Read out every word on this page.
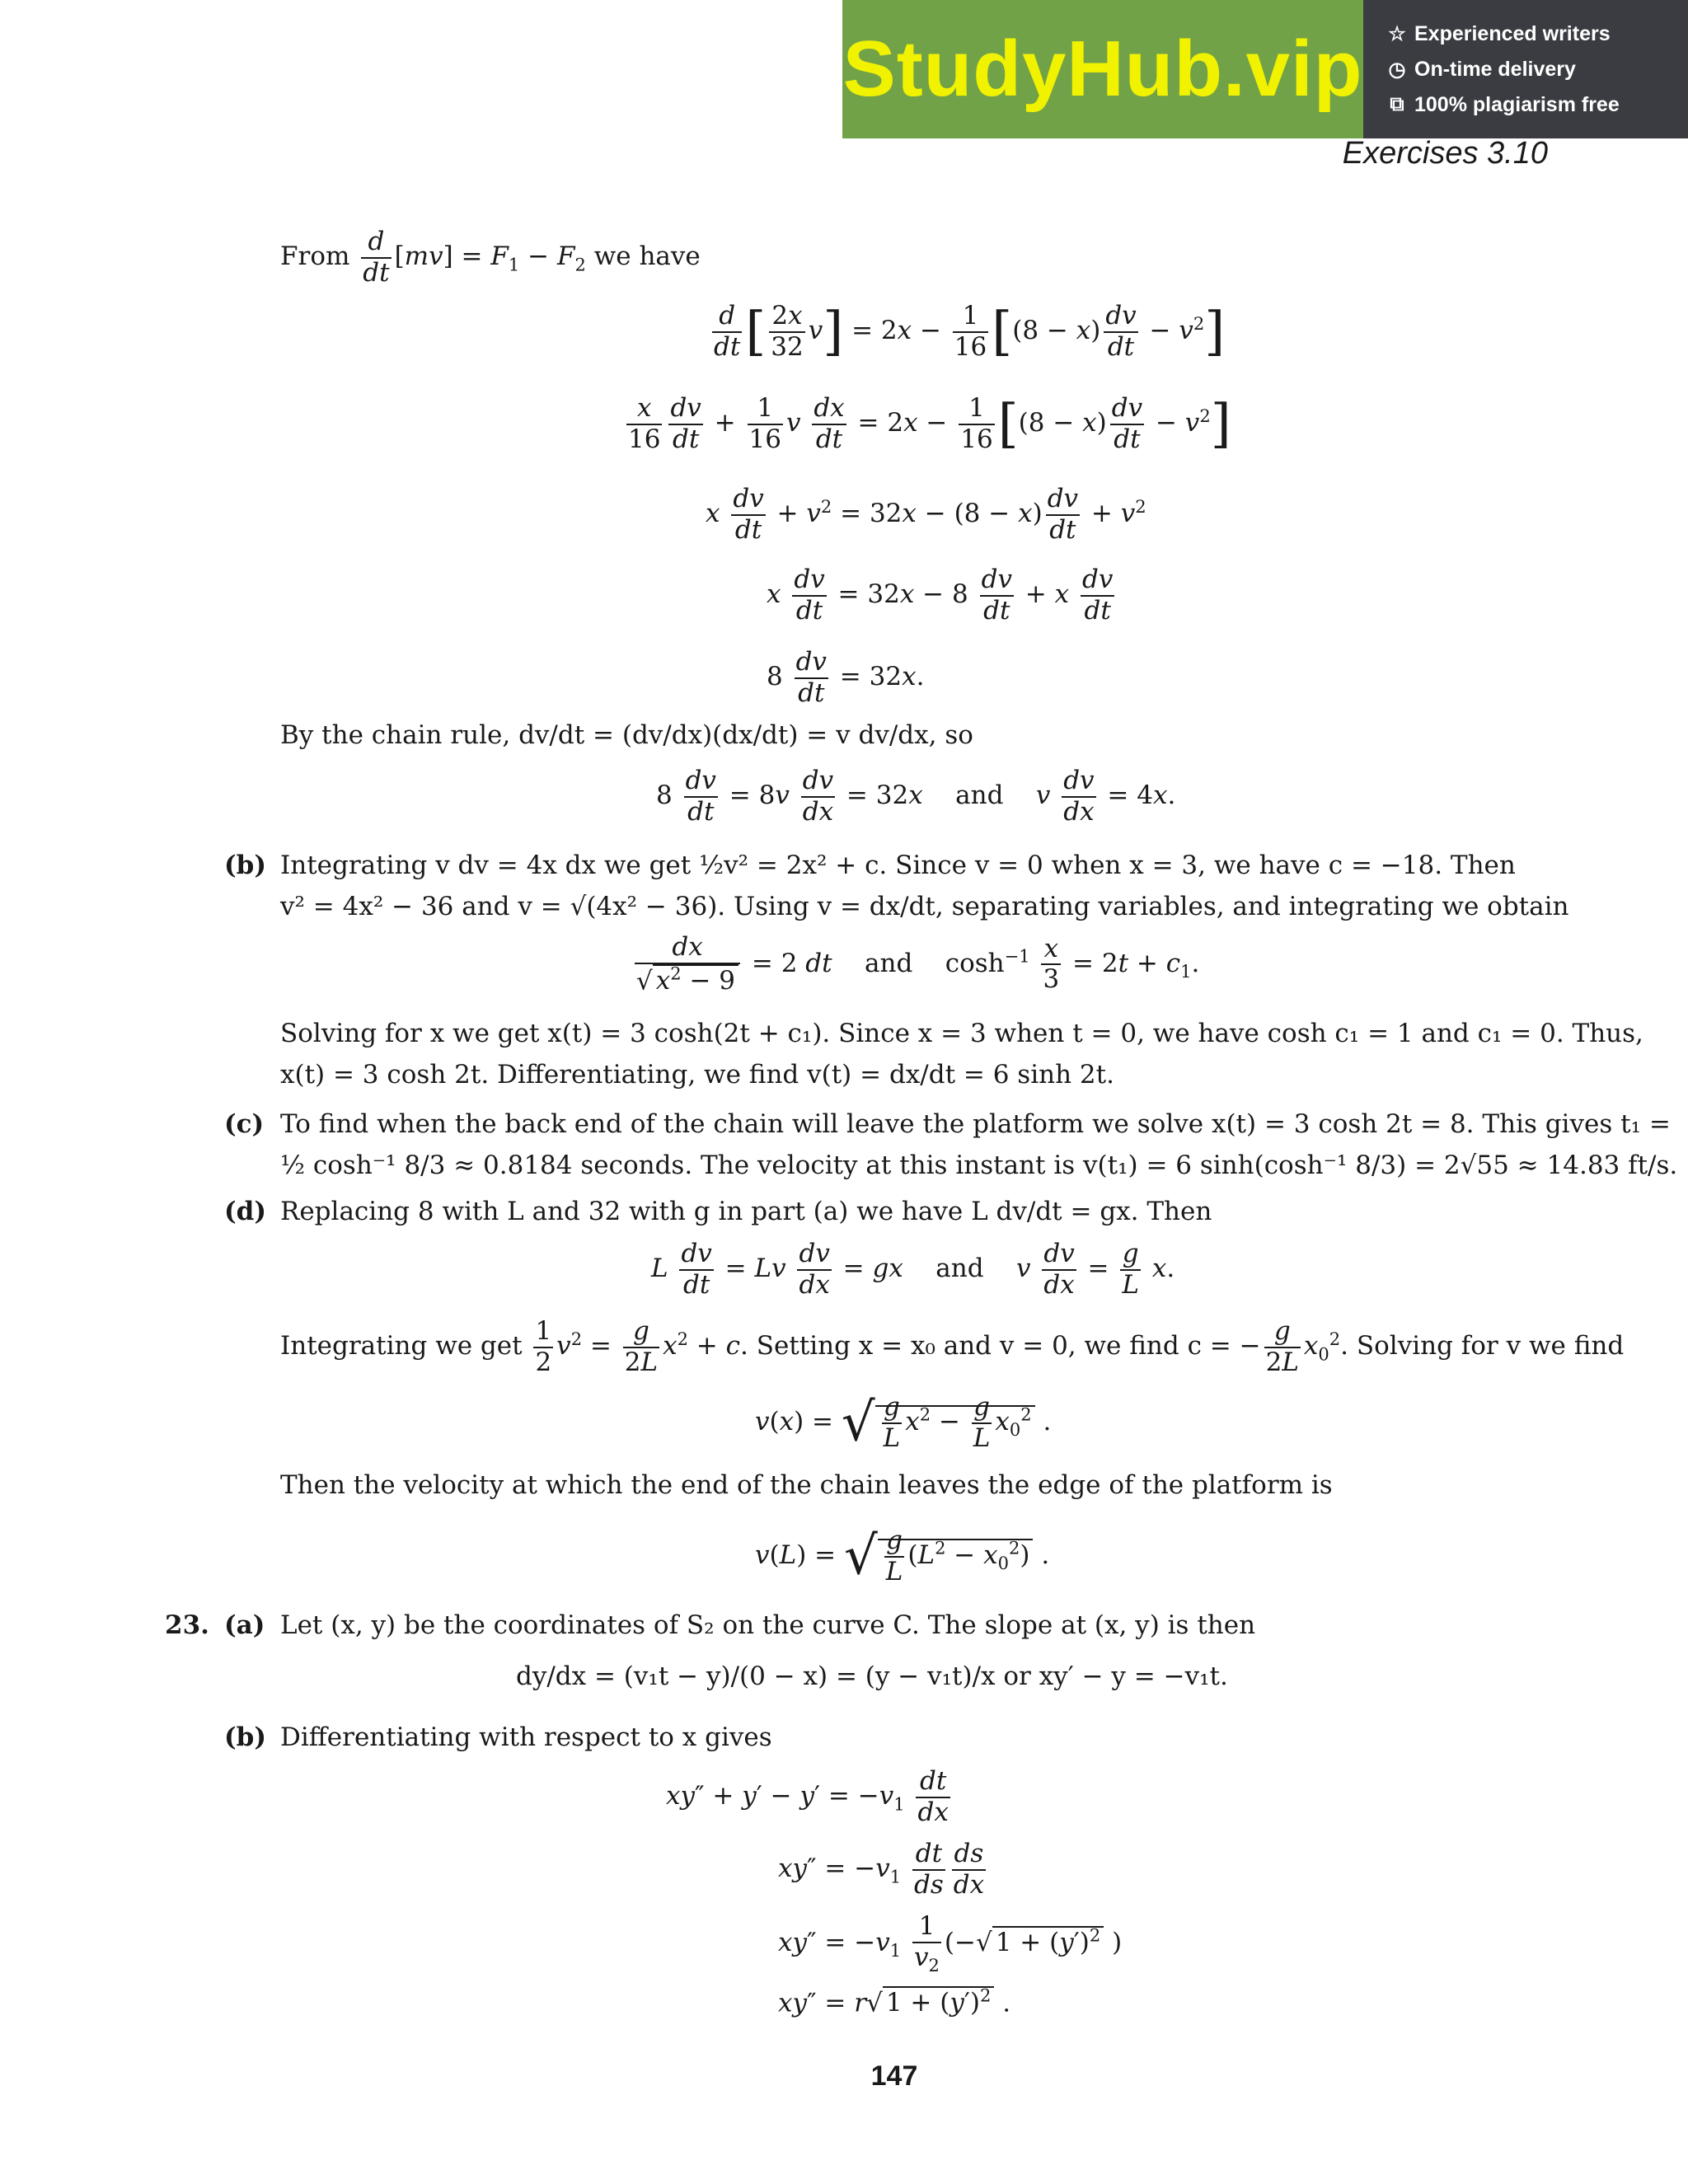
StudyHub.vip ☆ Experienced writers
◷ On-time delivery
⧉ 100% plagiarism free
Exercises 3.10
From $\frac{d}{dt} [mv] = F_1 - F_2$ we have
$\frac{d}{dt}$ [ $\frac{2x}{32} v] = 2x - \frac{1}{16} [(8 - x) \frac{dv}{dt} - v^2]$
$\frac{x}{16} \frac{dv}{dt} + \frac{1}{16}$ v $\frac{dx}{dt} = 2x - \frac{1}{16} [(8 - x) \frac{dv}{dt} - v^2]$
x $\frac{dv}{dt} + v^2 = 32x - (8 - x) \frac{dv}{dt} + v^2$
x $\frac{dv}{dt} = 32x - 8 \frac{dv}{dt} + x \frac{dv}{dt}$
$8 \frac{dv}{dt} = 32x$.
By the chain rule, dv/dt = (dv/dx)(dx/dt) = v dv/dx, so
$8 \frac{dv}{dt} = 8v \frac{dv}{dx} = 32x$    and    v $\frac{dv}{dx} = 4x$.
(b) Integrating v dv = 4x dx we get ½v² = 2x² + c. Since v = 0 when x = 3, we have c = −18. Then
v² = 4x² − 36 and v = √(4x² − 36). Using v = dx/dt, separating variables, and integrating we obtain
$\frac{dx}{√ x^2 - 9} = 2$ dt    and    $\cosh^{-1} \frac{x}{3} = 2t + c_1$.
Solving for x we get x(t) = 3 cosh(2t + c₁). Since x = 3 when t = 0, we have cosh c₁ = 1 and c₁ = 0. Thus,
x(t) = 3 cosh 2t. Differentiating, we find v(t) = dx/dt = 6 sinh 2t.
(c) To find when the back end of the chain will leave the platform we solve x(t) = 3 cosh 2t = 8. This gives t₁ =
½ cosh⁻¹ 8/3 ≈ 0.8184 seconds. The velocity at this instant is v(t₁) = 6 sinh(cosh⁻¹ 8/3) = 2√55 ≈ 14.83 ft/s.
(d) Replacing 8 with L and 32 with g in part (a) we have L dv/dt = gx. Then
L $\frac{dv}{dt} = Lv \frac{dv}{dx}$ = gx    and    v $\frac{dv}{dx} = \frac{g}{L} x$.
Integrating we get $\frac{1}{2} v^2 = \frac{g}{2L} x^2 + c$. Setting x = x₀ and v = 0, we find c = − $\frac{g}{2L} x_0^2$. Solving for v we find
v(x) = √ $\frac{g}{L} x^2 - \frac{g}{L} x_0^2$ .
Then the velocity at which the end of the chain leaves the edge of the platform is
v(L) = √ $\frac{g}{L} (L^2 - x_0^2)$ .
23. (a) Let (x, y) be the coordinates of S₂ on the curve C. The slope at (x, y) is then
dy/dx = (v₁t − y)/(0 − x) = (y − v₁t)/x or xy′ − y = −v₁t.
(b) Differentiating with respect to x gives
$xy'' + y' - y' = -v_1 \frac{dt}{dx}$
$xy'' = -v_1 \frac{dt}{ds} \frac{ds}{dx}$
$xy'' = -v_1 \frac{1}{v_2}$ (−√ $1 + (y')^2$ )
xy″ = r√ $1 + (y')^2$ .
147
